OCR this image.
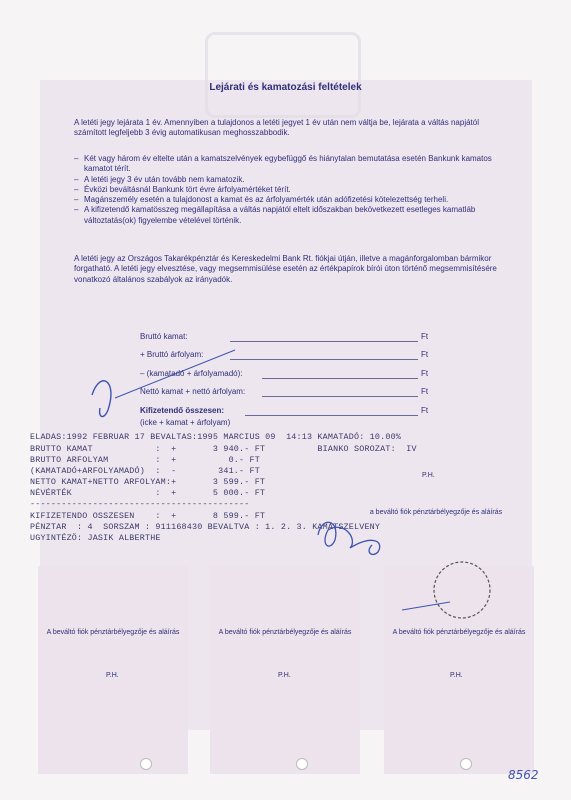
Lejárati és kamatozási feltételek
A letéti jegy lejárata 1 év. Amennyiben a tulajdonos a letéti jegyet 1 év után nem váltja be, lejárata a váltás napjától számított legfeljebb 3 évig automatikusan meghosszabbodik.
– Két vagy három év eltelte után a kamatszelvények egybefüggő és hiánytalan bemutatása esetén Bankunk kamatos kamatot térít.
– A letéti jegy 3 év után tovább nem kamatozik.
– Évközi beváltásnál Bankunk tört évre árfolyamértéket térít.
– Magánszemély esetén a tulajdonost a kamat és az árfolyamérték után adófizetési kötelezettség terheli.
– A kifizetendő kamatösszeg megállapítása a váltás napjától eltelt időszakban bekövetkezett esetleges kamatláb változtatás(ok) figyelembe vételével történik.
A letéti jegy az Országos Takarékpénztár és Kereskedelmi Bank Rt. fiókjai útján, illetve a magánforgalomban bármikor forgatható. A letéti jegy elvesztése, vagy megsemmisülése esetén az értékpapírok bírói úton történő megsemmisítésére vonatkozó általános szabályok az irányadók.
Bruttó kamat:	Ft
+ Bruttó árfolyam:	Ft
– (kamatadó + árfolyamadó):	Ft
Nettó kamat + nettó árfolyam:	Ft
Kifizetendő összesen:	Ft
(icke + kamat + árfolyam)
ELADAS:1992 FEBRUAR 17 BEVALTAS:1995 MARCIUS 09  14:13 KAMATADÓ: 10.00%
BRUTTO KAMAT            :  +       3 940.- FT          BIANKO SOROZAT:  IV
BRUTTO ARFOLYAM         :  +          0.- FT
(KAMATADÓ+ARFOLYAMADÓ)  :  -        341.- FT
NETTO KAMAT+NETTO ARFOLYAM:+       3 599.- FT
NÉVÉRTÉK                :  +       5 000.- FT
------------------------------------------
KIFIZETENDO OSSZESEN    :  +       8 599.- FT
PÉNZTAR  : 4  SORSZAM : 911168430 BEVALTVA : 1. 2. 3. KAMATSZELVENY
UGYINTÉZÖ: JASIK ALBERTHE
P.H.
a beváltó fiók pénztárbélyegzője és aláírás
A beváltó fiók pénztárbélyegzője és aláírás	A beváltó fiók pénztárbélyegzője és aláírás	A beváltó fiók pénztárbélyegzője és aláírás
P.H.	P.H.	P.H.
8562
